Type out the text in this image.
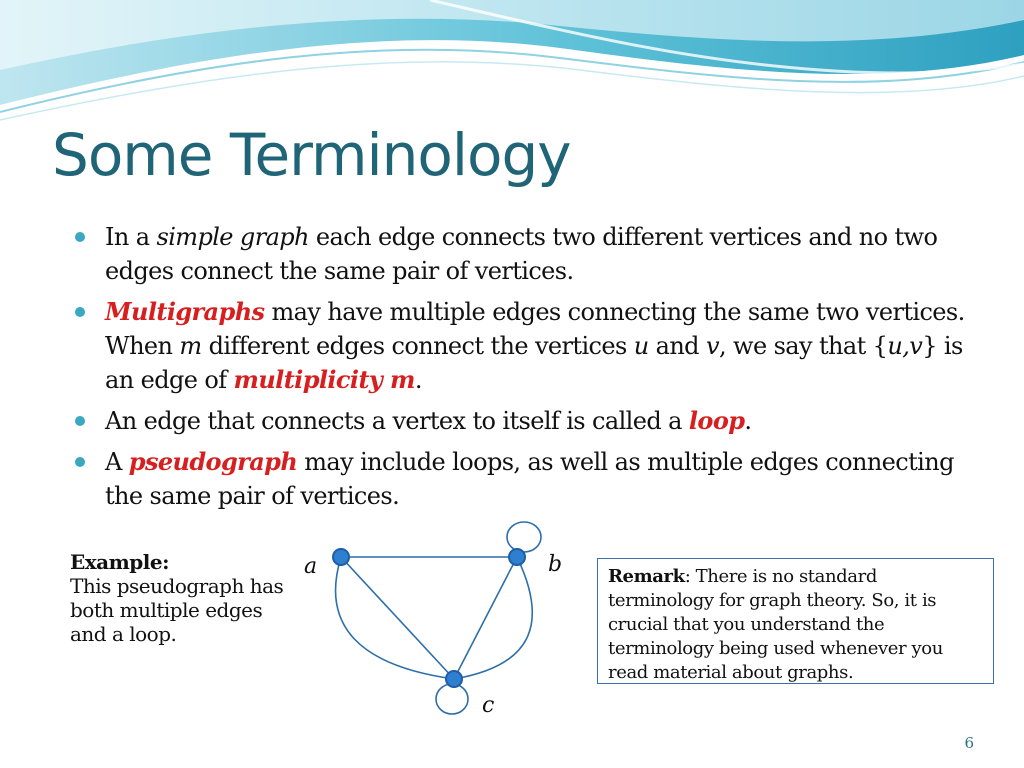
Some Terminology
In a simple graph each edge connects two different vertices and no two edges connect the same pair of vertices.
Multigraphs may have multiple edges connecting the same two vertices. When m different edges connect the vertices u and v, we say that {u,v} is an edge of multiplicity m.
An edge that connects a vertex to itself is called a loop.
A pseudograph may include loops, as well as multiple edges connecting the same pair of vertices.
Example:
This pseudograph has both multiple edges and a loop.
a	b
c
Remark: There is no standard terminology for graph theory. So, it is crucial that you understand the terminology being used whenever you read material about graphs.
6
